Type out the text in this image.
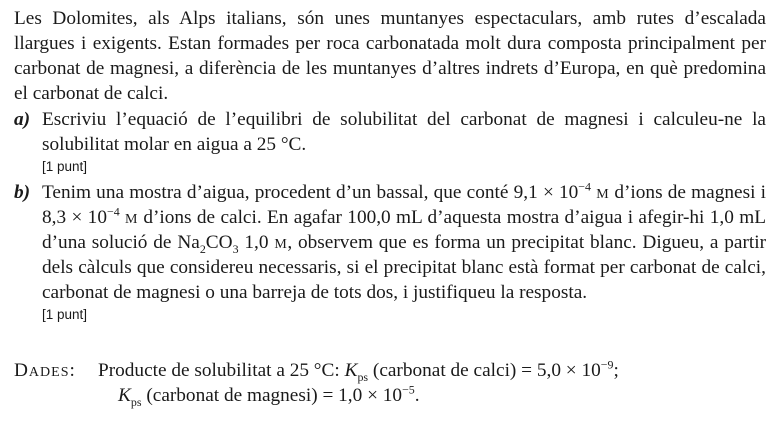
Les Dolomites, als Alps italians, són unes muntanyes espectaculars, amb rutes d’escalada llargues i exigents. Estan formades per roca carbonatada molt dura composta principalment per carbonat de magnesi, a diferència de les muntanyes d’altres indrets d’Europa, en què predomina el carbonat de calci.

a) Escriviu l’equació de l’equilibri de solubilitat del carbonat de magnesi i calculeu-ne la solubilitat molar en aigua a 25 °C.
[1 punt]
b) Tenim una mostra d’aigua, procedent d’un bassal, que conté $9,1 \times 10^{-4}$ m d’ions de magnesi i $8,3 \times 10^{-4}$ m d’ions de calci. En agafar 100,0 mL d’aquesta mostra d’aigua i afegir-hi 1,0 mL d’una solució de $Na_2CO_3$ 1,0 m, observem que es forma un precipitat blanc. Digueu, a partir dels càlculs que considereu necessaris, si el precipitat blanc està format per carbonat de calci, carbonat de magnesi o una barreja de tots dos, i justifiqueu la resposta.
[1 punt]
Dades: Producte de solubilitat a 25 °C: $K_{ps}$ (carbonat de calci) = $5,0 \times 10^{-9}$;
$K_{ps}$ (carbonat de magnesi) = $1,0 \times 10^{-5}$.
